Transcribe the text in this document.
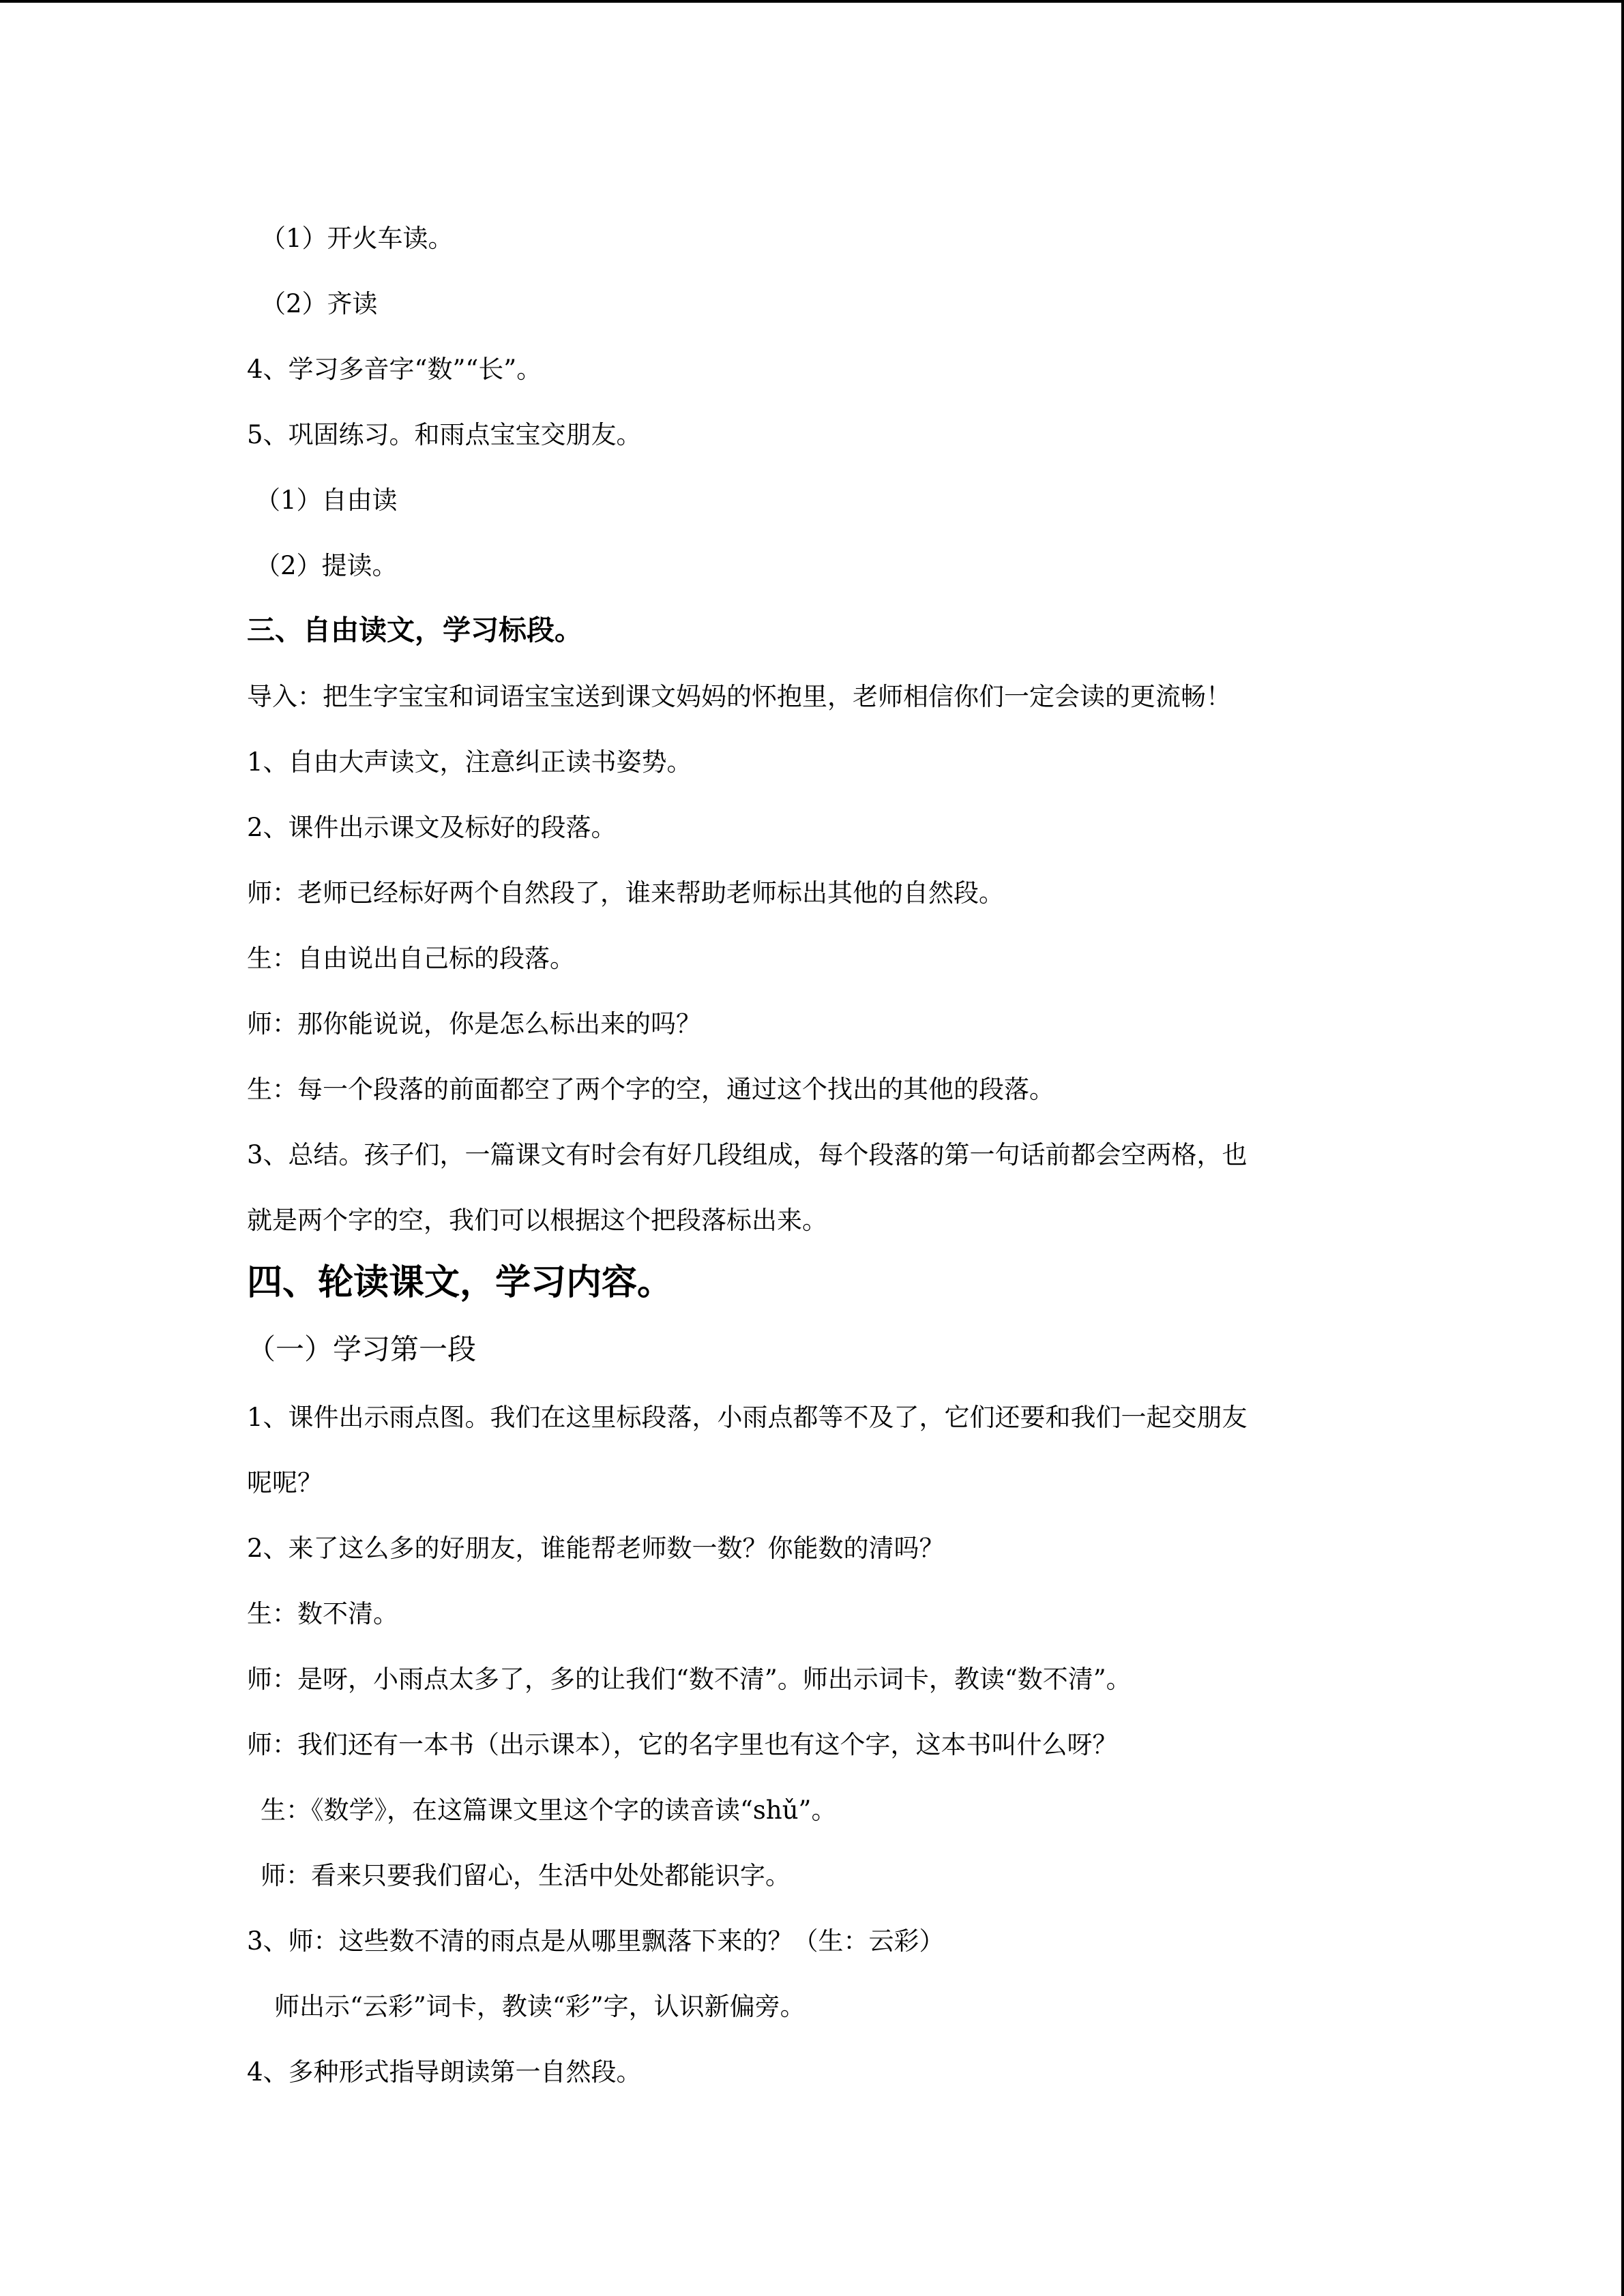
（1）开火车读。
（2）齐读
4、学习多音字“数”“长”。
5、巩固练习。和雨点宝宝交朋友。
（1）自由读
（2）提读。
三、自由读文，学习标段。
导入：把生字宝宝和词语宝宝送到课文妈妈的怀抱里，老师相信你们一定会读的更流畅！
1、自由大声读文，注意纠正读书姿势。
2、课件出示课文及标好的段落。
师：老师已经标好两个自然段了，谁来帮助老师标出其他的自然段。
生：自由说出自己标的段落。
师：那你能说说，你是怎么标出来的吗？
生：每一个段落的前面都空了两个字的空，通过这个找出的其他的段落。
3、总结。孩子们，一篇课文有时会有好几段组成，每个段落的第一句话前都会空两格，也
就是两个字的空，我们可以根据这个把段落标出来。
四、轮读课文，学习内容。
（一）学习第一段
1、课件出示雨点图。我们在这里标段落，小雨点都等不及了，它们还要和我们一起交朋友
呢呢？
2、来了这么多的好朋友，谁能帮老师数一数？你能数的清吗？
生：数不清。
师：是呀，小雨点太多了，多的让我们“数不清”。师出示词卡，教读“数不清”。
师：我们还有一本书（出示课本），它的名字里也有这个字，这本书叫什么呀？
生：《数学》，在这篇课文里这个字的读音读“shǔ”。
师：看来只要我们留心，生活中处处都能识字。
3、师：这些数不清的雨点是从哪里飘落下来的？（生：云彩）
师出示“云彩”词卡，教读“彩”字，认识新偏旁。
4、多种形式指导朗读第一自然段。
